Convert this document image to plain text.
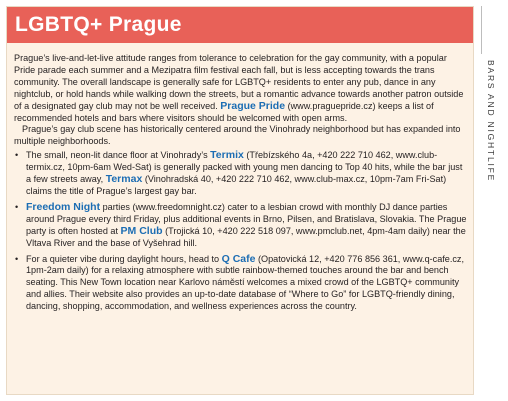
BARS AND NIGHTLIFE
LGBTQ+ Prague

Prague’s live-and-let-live attitude ranges from tolerance to celebration for the gay community, with a popular Pride parade each summer and a Mezipatra film festival each fall, but is less accepting towards the trans community. The overall landscape is generally safe for LGBTQ+ residents to enter any pub, dance in any nightclub, or hold hands while walking down the streets, but a romantic advance towards another patron outside of a designated gay club may not be well received. Prague Pride (www.praguepride.cz) keeps a list of recommended hotels and bars where visitors should be welcomed with open arms.

Prague’s gay club scene has historically centered around the Vinohrady neighborhood but has expanded into multiple neighborhoods.

• The small, neon-lit dance floor at Vinohrady’s Termix (Třebízského 4a, +420 222 710 462, www.club-termix.cz, 10pm-6am Wed-Sat) is generally packed with young men dancing to Top 40 hits, while the bar just a few streets away, Termax (Vinohradská 40, +420 222 710 462, www.club-max.cz, 10pm-7am Fri-Sat) claims the title of Prague’s largest gay bar.
• Freedom Night parties (www.freedomnight.cz) cater to a lesbian crowd with monthly DJ dance parties around Prague every third Friday, plus additional events in Brno, Pilsen, and Bratislava, Slovakia. The Prague party is often hosted at PM Club (Trojická 10, +420 222 518 097, www.pmclub.net, 4pm-4am daily) near the Vltava River and the base of Vyšehrad hill.
• For a quieter vibe during daylight hours, head to Q Cafe (Opatovická 12, +420 776 856 361, www.q-cafe.cz, 1pm-2am daily) for a relaxing atmosphere with subtle rainbow-themed touches around the bar and bench seating. This New Town location near Karlovo náměstí welcomes a mixed crowd of the LGBTQ+ community and allies. Their website also provides an up-to-date database of “Where to Go” for LGBTQ-friendly dining, dancing, shopping, accommodation, and wellness experiences across the country.
